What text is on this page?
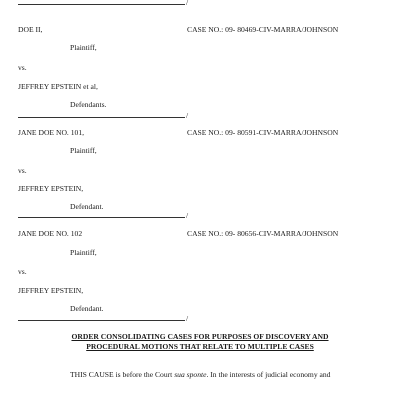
/
DOE II,	CASE NO.: 09- 80469-CIV-MARRA/JOHNSON
Plaintiff,
vs.
JEFFREY EPSTEIN et al,
Defendants.
/
JANE DOE NO. 101,	CASE NO.: 09- 80591-CIV-MARRA/JOHNSON
Plaintiff,
vs.
JEFFREY EPSTEIN,
Defendant.
/
JANE DOE NO. 102	CASE NO.: 09- 80656-CIV-MARRA/JOHNSON
Plaintiff,
vs.
JEFFREY EPSTEIN,
Defendant.
/
ORDER CONSOLIDATING CASES FOR PURPOSES OF DISCOVERY AND
PROCEDURAL MOTIONS THAT RELATE TO MULTIPLE CASES
THIS CAUSE is before the Court sua sponte. In the interests of judicial economy and
